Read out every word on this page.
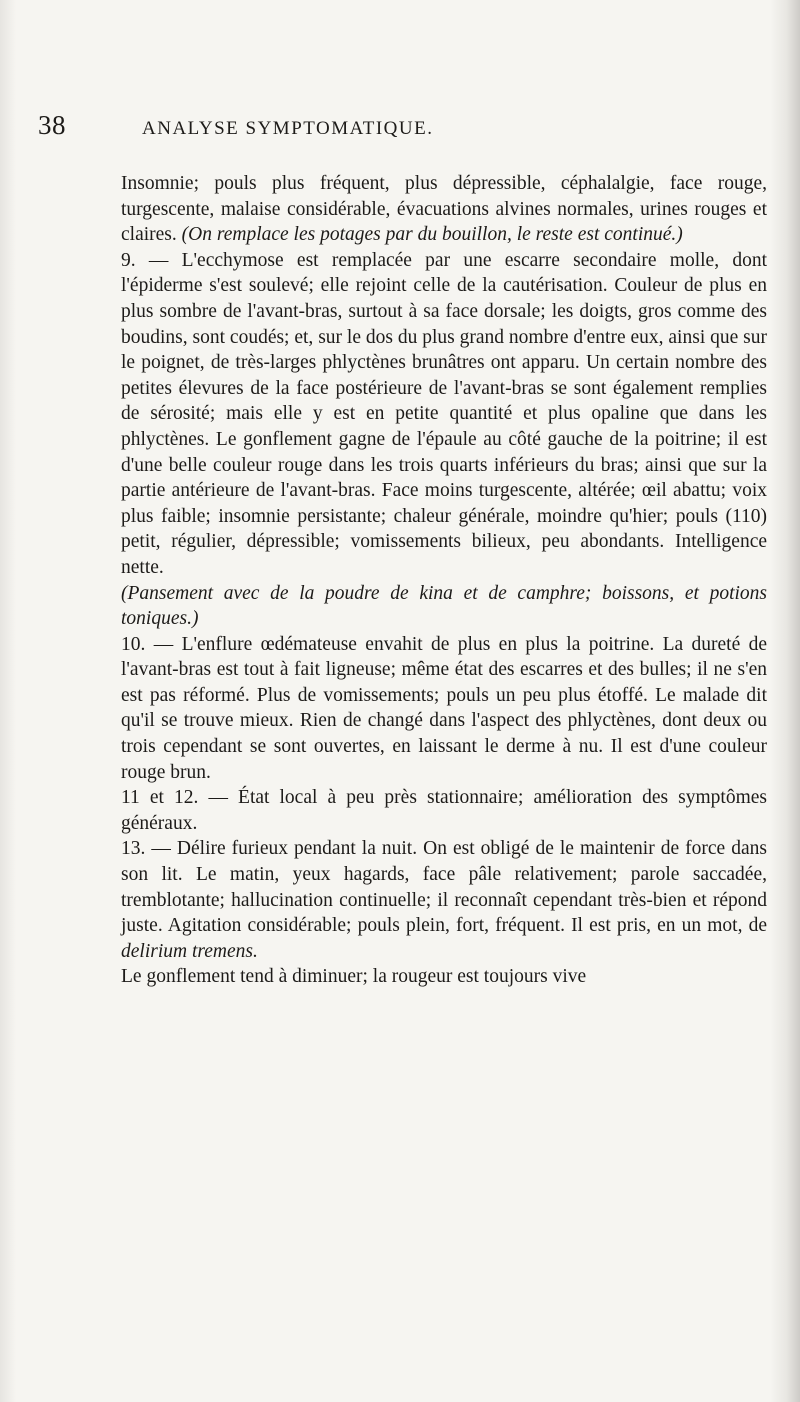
38	ANALYSE SYMPTOMATIQUE.

Insomnie; pouls plus fréquent, plus dépressible, céphalalgie, face rouge, turgescente, malaise considérable, évacuations alvines normales, urines rouges et claires. (On remplace les potages par du bouillon, le reste est continué.)

9. — L'ecchymose est remplacée par une escarre secondaire molle, dont l'épiderme s'est soulevé; elle rejoint celle de la cautérisation. Couleur de plus en plus sombre de l'avant-bras, surtout à sa face dorsale; les doigts, gros comme des boudins, sont coudés; et, sur le dos du plus grand nombre d'entre eux, ainsi que sur le poignet, de très-larges phlyctènes brunâtres ont apparu. Un certain nombre des petites élevures de la face postérieure de l'avant-bras se sont également remplies de sérosité; mais elle y est en petite quantité et plus opaline que dans les phlyctènes. Le gonflement gagne de l'épaule au côté gauche de la poitrine; il est d'une belle couleur rouge dans les trois quarts inférieurs du bras; ainsi que sur la partie antérieure de l'avant-bras. Face moins turgescente, altérée; œil abattu; voix plus faible; insomnie persistante; chaleur générale, moindre qu'hier; pouls (110) petit, régulier, dépressible; vomissements bilieux, peu abondants. Intelligence nette.

(Pansement avec de la poudre de kina et de camphre; boissons, et potions toniques.)

10. — L'enflure œdémateuse envahit de plus en plus la poitrine. La dureté de l'avant-bras est tout à fait ligneuse; même état des escarres et des bulles; il ne s'en est pas réformé. Plus de vomissements; pouls un peu plus étoffé. Le malade dit qu'il se trouve mieux. Rien de changé dans l'aspect des phlyctènes, dont deux ou trois cependant se sont ouvertes, en laissant le derme à nu. Il est d'une couleur rouge brun.

11 et 12. — État local à peu près stationnaire; amélioration des symptômes généraux.

13. — Délire furieux pendant la nuit. On est obligé de le maintenir de force dans son lit. Le matin, yeux hagards, face pâle relativement; parole saccadée, tremblotante; hallucination continuelle; il reconnaît cependant très-bien et répond juste. Agitation considérable; pouls plein, fort, fréquent. Il est pris, en un mot, de delirium tremens.

Le gonflement tend à diminuer; la rougeur est toujours vive
